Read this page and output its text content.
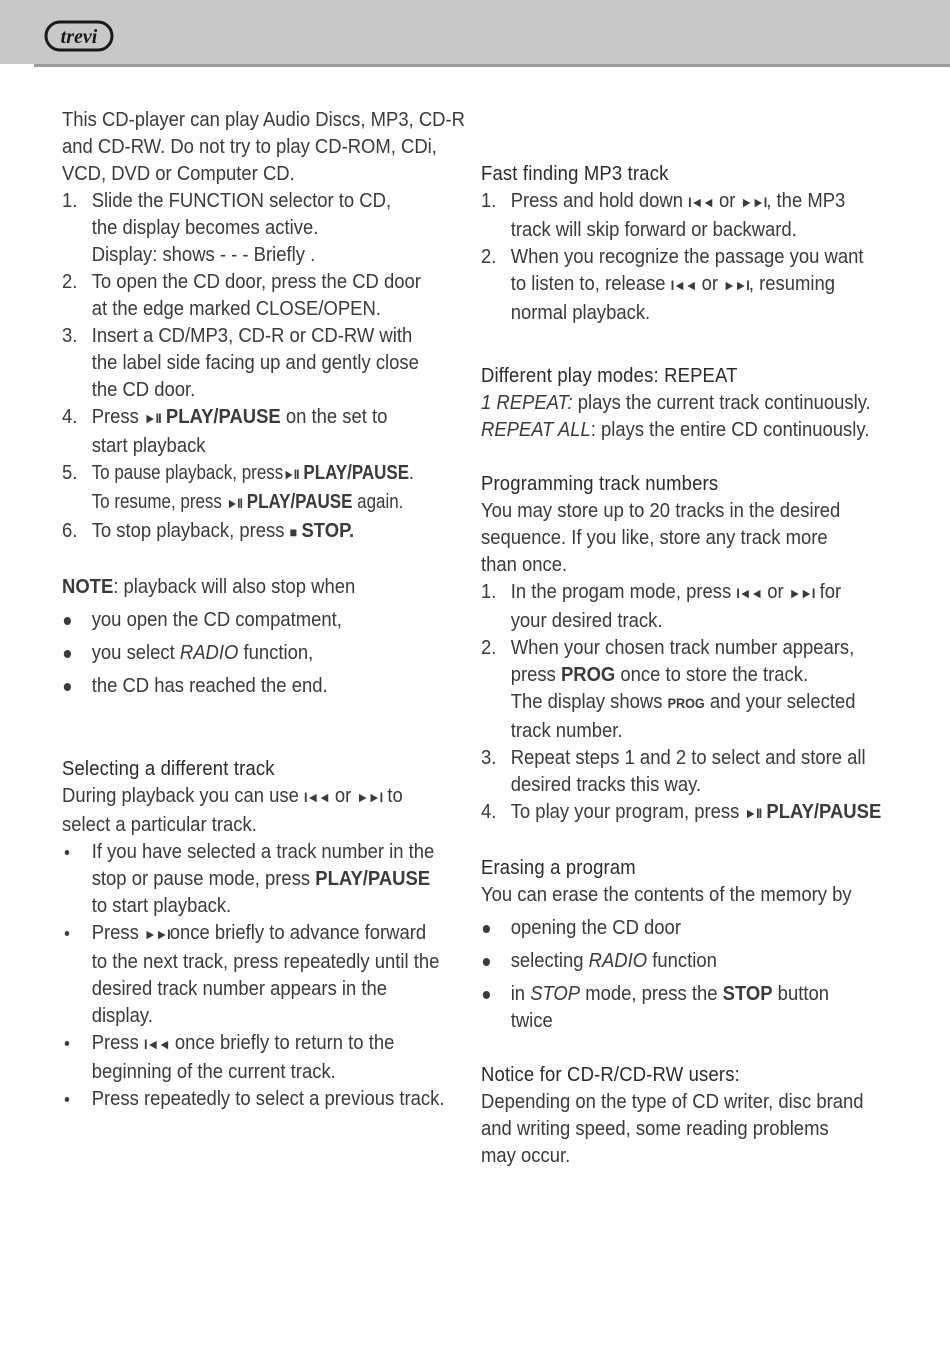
trevi

This CD-player can play Audio Discs, MP3, CD-R and CD-RW. Do not try to play CD-ROM, CDi, VCD, DVD or Computer CD.

1. Slide the FUNCTION selector to CD,
the display becomes active.
Display: shows - - - Briefly .
2. To open the CD door, press the CD door
at the edge marked CLOSE/OPEN.
3. Insert a CD/MP3, CD-R or CD-RW with
the label side facing up and gently close
the CD door.
4. Press ►II PLAY/PAUSE on the set to
start playback
5. To pause playback, press►II PLAY/PAUSE. To resume, press ►II PLAY/PAUSE again.
6. To stop playback, press ■ STOP.

NOTE: playback will also stop when

you open the CD compatment,
you select RADIO function,
the CD has reached the end.

Selecting a different track

During playback you can use I◄◄ or ►►I to

select a particular track.

If you have selected a track number in the
stop or pause mode, press PLAY/PAUSE
to start playback.
Press ►►Ionce briefly to advance forward
to the next track, press repeatedly until the
desired track number appears in the
display.
Press I◄◄ once briefly to return to the
beginning of the current track.
Press repeatedly to select a previous track.

Fast finding MP3 track

1. Press and hold down I◄◄ or ►►I, the MP3
track will skip forward or backward.
2. When you recognize the passage you want
to listen to, release I◄◄ or ►►I, resuming
normal playback.

Different play modes: REPEAT

1 REPEAT: plays the current track continuously.

REPEAT ALL: plays the entire CD continuously.

Programming track numbers

You may store up to 20 tracks in the desired

sequence. If you like, store any track more

than once.

1. In the progam mode, press I◄◄ or ►►I for
your desired track.
2. When your chosen track number appears,
press PROG once to store the track.
The display shows PROG and your selected
track number.
3. Repeat steps 1 and 2 to select and store all
desired tracks this way.
4. To play your program, press ►II PLAY/PAUSE

Erasing a program

You can erase the contents of the memory by

opening the CD door
selecting RADIO function
in STOP mode, press the STOP button
twice

Notice for CD-R/CD-RW users:

Depending on the type of CD writer, disc brand

and writing speed, some reading problems

may occur.
